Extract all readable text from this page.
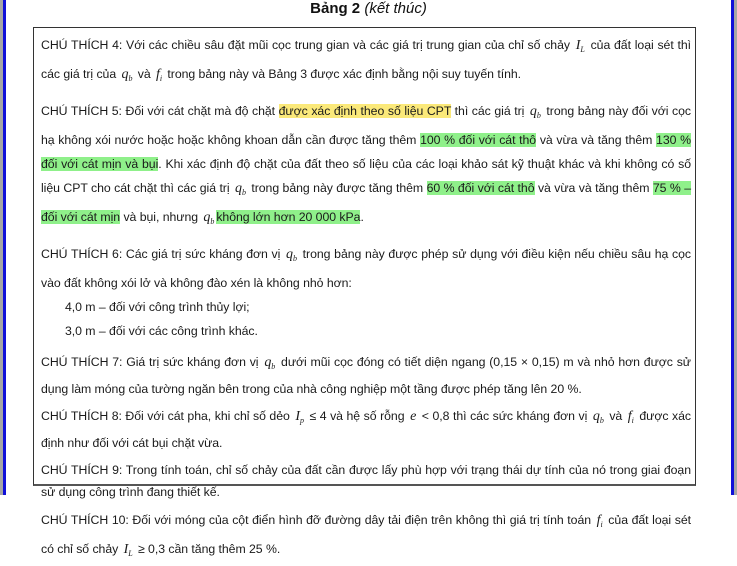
Bảng 2 (kết thúc)

CHÚ THÍCH 4: Với các chiều sâu đặt mũi cọc trung gian và các giá trị trung gian của chỉ số chảy $I_L$ của đất loại sét thì các giá trị của $q_b$ và $f_i$ trong bảng này và Bảng 3 được xác định bằng nội suy tuyến tính.

CHÚ THÍCH 5: Đối với cát chặt mà độ chặt được xác định theo số liệu CPT thì các giá trị $q_b$ trong bảng này đối với cọc hạ không xói nước hoặc hoặc không khoan dẫn cần được tăng thêm 100 % đối với cát thô và vừa và tăng thêm 130 % đối với cát mịn và bụi. Khi xác định độ chặt của đất theo số liệu của các loại khảo sát kỹ thuật khác và khi không có số liệu CPT cho cát chặt thì các giá trị $q_b$ trong bảng này được tăng thêm 60 % đối với cát thô và vừa và tăng thêm 75 % – đối với cát mịn và bụi, nhưng $q_b$ không lớn hơn 20 000 kPa.

CHÚ THÍCH 6: Các giá trị sức kháng đơn vị $q_b$ trong bảng này được phép sử dụng với điều kiện nếu chiều sâu hạ cọc vào đất không xói lở và không đào xén là không nhỏ hơn:

4,0 m – đối với công trình thủy lợi;

3,0 m – đối với các công trình khác.

CHÚ THÍCH 7: Giá trị sức kháng đơn vị $q_b$ dưới mũi cọc đóng có tiết diện ngang (0,15 × 0,15) m và nhỏ hơn được sử dụng làm móng của tường ngăn bên trong của nhà công nghiệp một tầng được phép tăng lên 20 %.

CHÚ THÍCH 8: Đối với cát pha, khi chỉ số dẻo $I_p \le 4$ và hệ số rỗng e < 0,8 thì các sức kháng đơn vị $q_b$ và $f_i$ được xác định như đối với cát bụi chặt vừa.

CHÚ THÍCH 9: Trong tính toán, chỉ số chảy của đất cần được lấy phù hợp với trạng thái dự tính của nó trong giai đoạn sử dụng công trình đang thiết kế.

CHÚ THÍCH 10: Đối với móng của cột điển hình đỡ đường dây tải điện trên không thì giá trị tính toán $f_i$ của đất loại sét có chỉ số chảy $I_L \ge 0,3$ cần tăng thêm 25 %.
